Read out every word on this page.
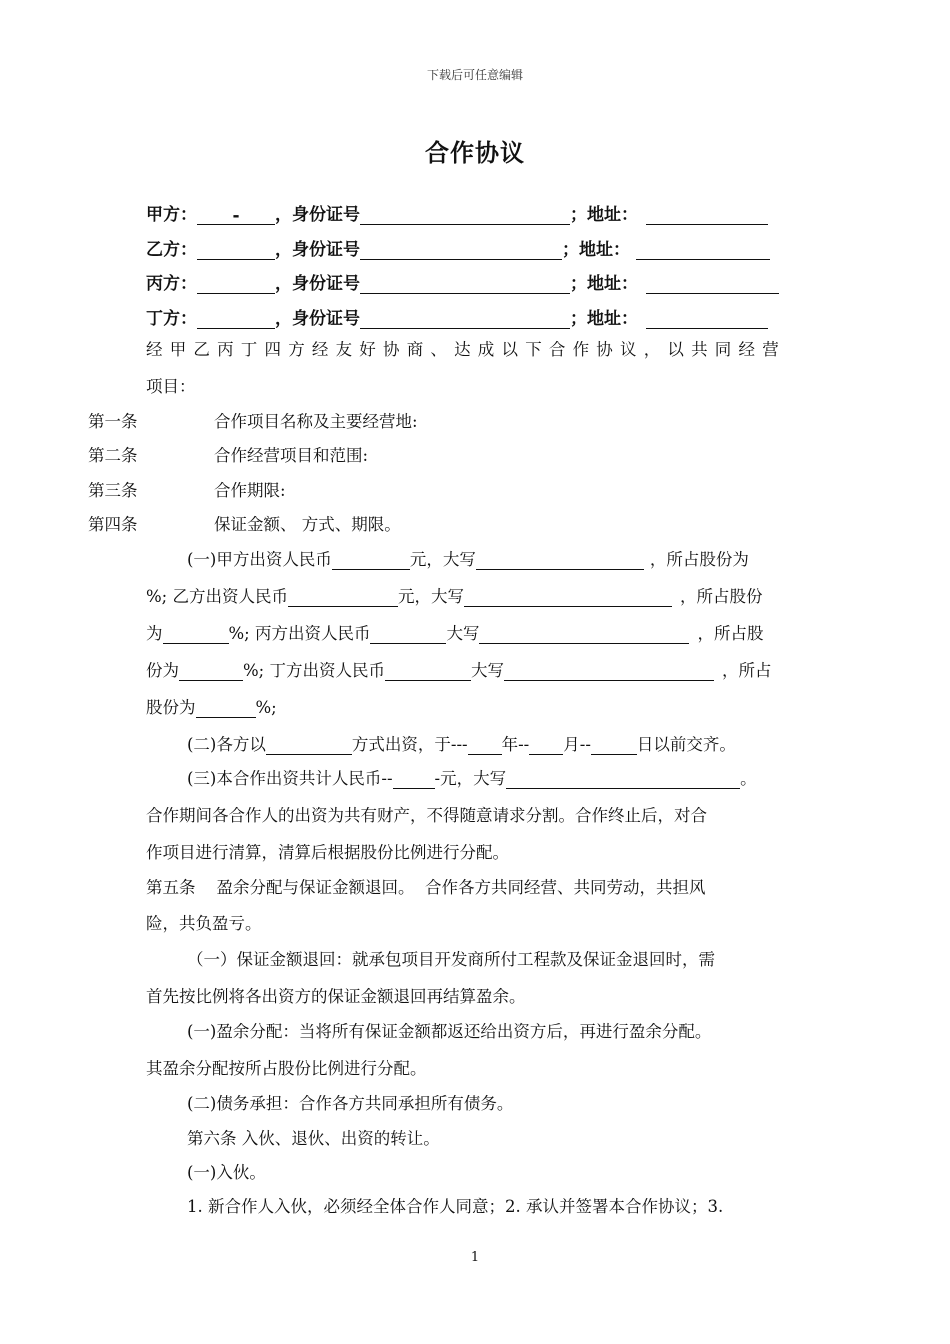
下载后可任意编辑
合作协议
甲方：	-	，身份证号	；地址：
乙方：	，身份证号	；地址：
丙方：	，身份证号	；地址：
丁方：	，身份证号	；地址：
经甲乙丙丁四方经友好协商、达成以下合作协议，以共同经营
项目：
第一条	合作项目名称及主要经营地:
第二条	合作经营项目和范围:
第三条	合作期限:
第四条	保证金额、 方式、期限。
(一)甲方出资人民币	元，大写	，所占股份为
%; 乙方出资人民币	元，大写	，所占股份
为	%; 丙方出资人民币	大写	，所占股
份为	%; 丁方出资人民币	大写	，所占
股份为	%;
(二)各方以	方式出资，于 --- 年 -- 月 --	日以前交齐。
(三)本合作出资共计人民币 --	- 元，大写	。
合作期间各合作人的出资为共有财产，不得随意请求分割。合作终止后，对合
作项目进行清算，清算后根据股份比例进行分配。
第五条    盈余分配与保证金额退回。  合作各方共同经营、共同劳动，共担风
险，共负盈亏。
（一）保证金额退回：就承包项目开发商所付工程款及保证金退回时，需
首先按比例将各出资方的保证金额退回再结算盈余。
(一)盈余分配：当将所有保证金额都返还给出资方后，再进行盈余分配。
其盈余分配按所占股份比例进行分配。
(二)债务承担：合作各方共同承担所有债务。
第六条 入伙、退伙、出资的转让。
(一)入伙。
1. 新合作人入伙，必须经全体合作人同意；2. 承认并签署本合作协议；3.
1
